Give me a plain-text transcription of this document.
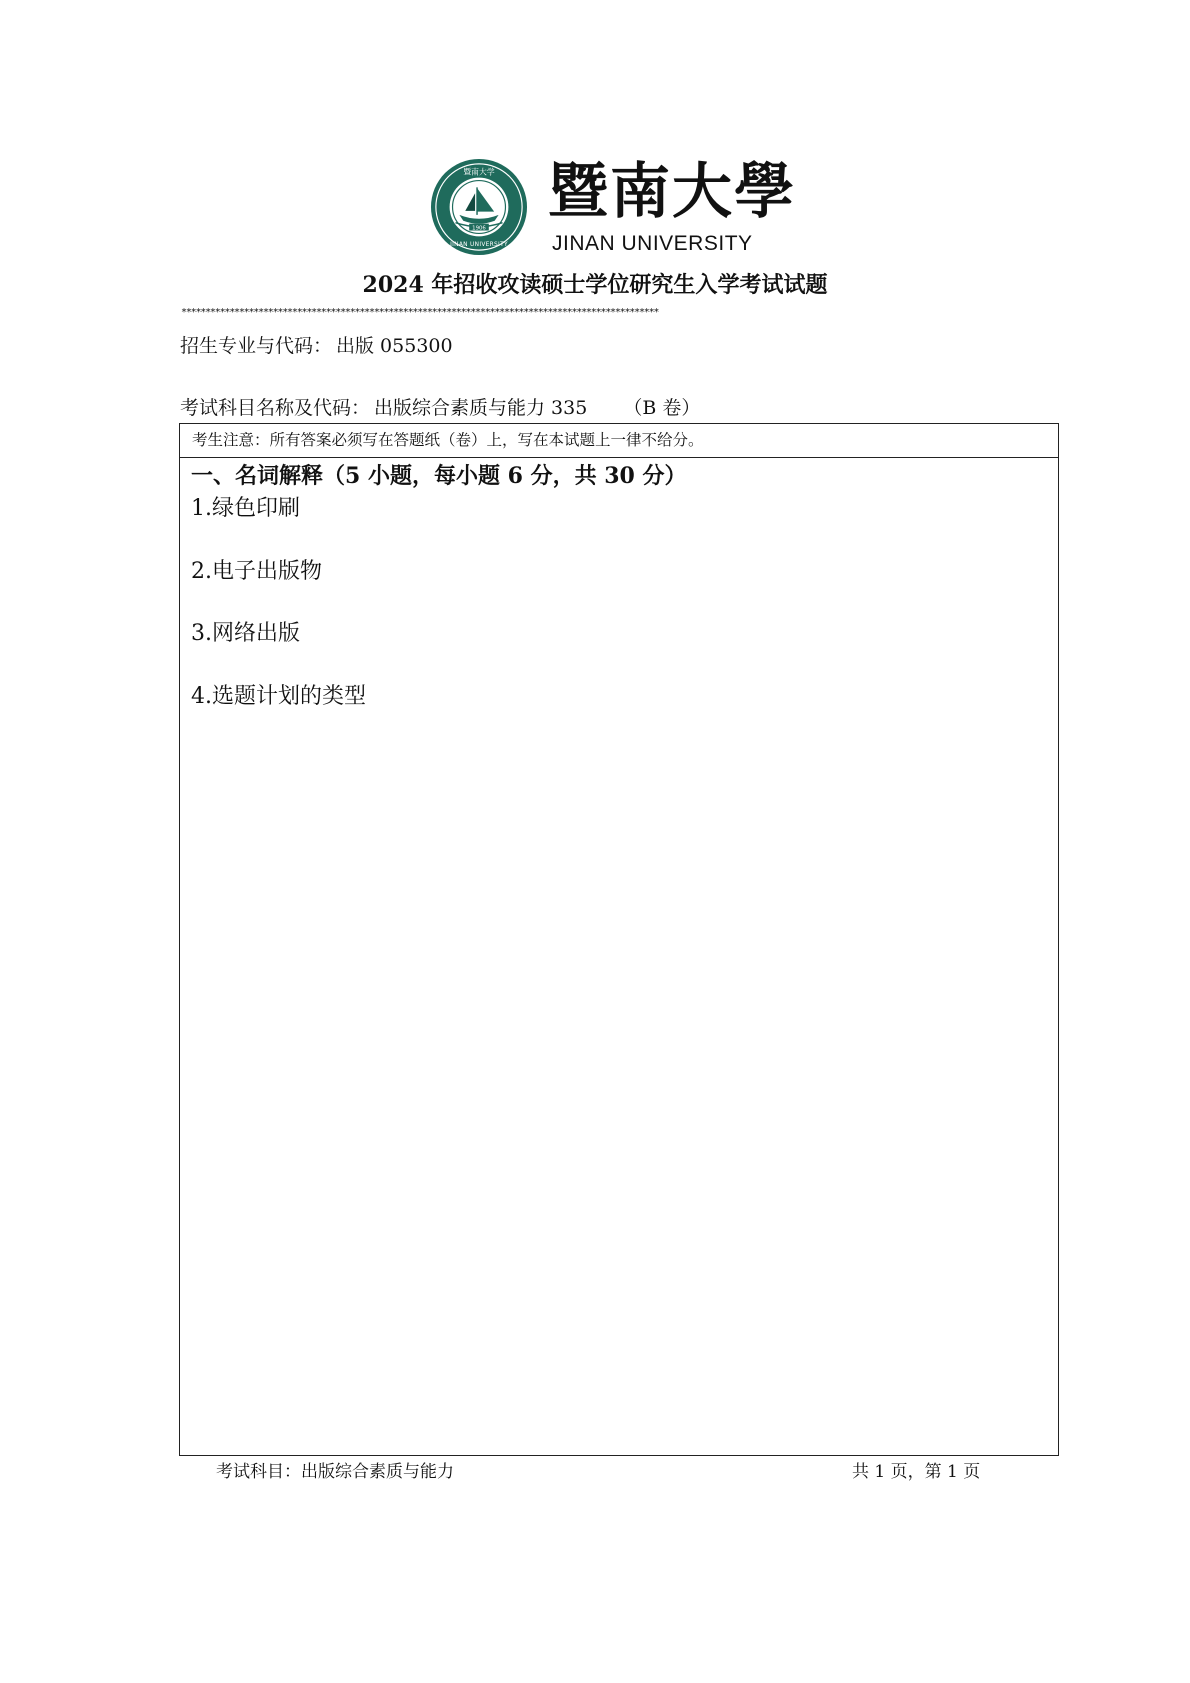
1906
暨南大学
JINAN UNIVERSITY
暨南大學
JINAN UNIVERSITY
2024 年招收攻读硕士学位研究生入学考试试题
***************************************************************************************************
招生专业与代码： 出版 055300
考试科目名称及代码： 出版综合素质与能力 335 （B 卷）
考生注意：所有答案必须写在答题纸（卷）上，写在本试题上一律不给分。
一、名词解释（5 小题，每小题 6 分，共 30 分）
1.绿色印刷
2.电子出版物
3.网络出版
4.选题计划的类型
考试科目：出版综合素质与能力	共 1 页，第 1 页
